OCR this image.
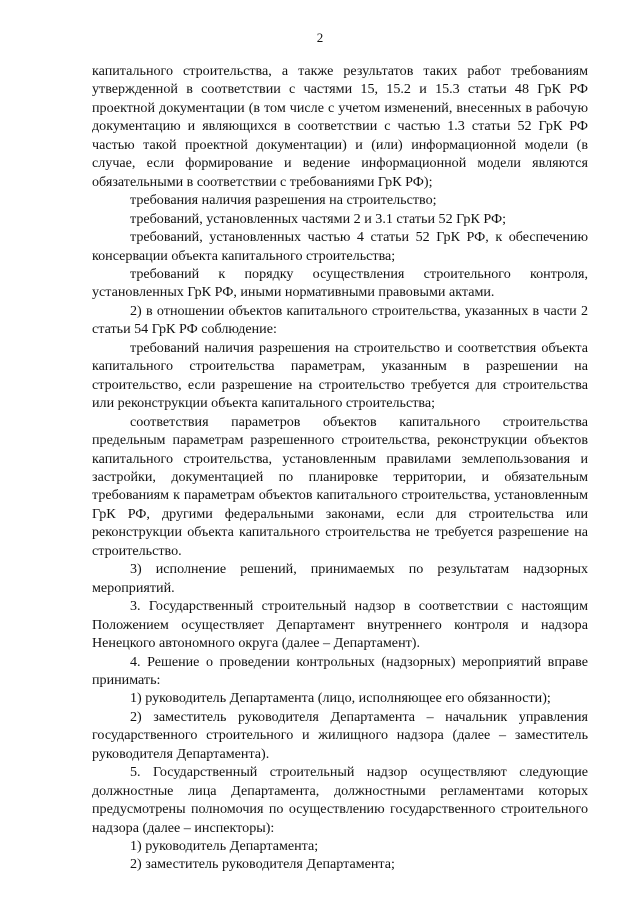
2

капитального строительства, а также результатов таких работ требованиям утвержденной в соответствии с частями 15, 15.2 и 15.3 статьи 48 ГрК РФ проектной документации (в том числе с учетом изменений, внесенных в рабочую документацию и являющихся в соответствии с частью 1.3 статьи 52 ГрК РФ частью такой проектной документации) и (или) информационной модели (в случае, если формирование и ведение информационной модели являются обязательными в соответствии с требованиями ГрК РФ);

требования наличия разрешения на строительство;

требований, установленных частями 2 и 3.1 статьи 52 ГрК РФ;

требований, установленных частью 4 статьи 52 ГрК РФ, к обеспечению консервации объекта капитального строительства;

требований к порядку осуществления строительного контроля, установленных ГрК РФ, иными нормативными правовыми актами.

2) в отношении объектов капитального строительства, указанных в части 2 статьи 54 ГрК РФ соблюдение:

требований наличия разрешения на строительство и соответствия объекта капитального строительства параметрам, указанным в разрешении на строительство, если разрешение на строительство требуется для строительства или реконструкции объекта капитального строительства;

соответствия параметров объектов капитального строительства предельным параметрам разрешенного строительства, реконструкции объектов капитального строительства, установленным правилами землепользования и застройки, документацией по планировке территории, и обязательным требованиям к параметрам объектов капитального строительства, установленным ГрК РФ, другими федеральными законами, если для строительства или реконструкции объекта капитального строительства не требуется разрешение на строительство.

3) исполнение решений, принимаемых по результатам надзорных мероприятий.

3. Государственный строительный надзор в соответствии с настоящим Положением осуществляет Департамент внутреннего контроля и надзора Ненецкого автономного округа (далее – Департамент).

4. Решение о проведении контрольных (надзорных) мероприятий вправе принимать:

1) руководитель Департамента (лицо, исполняющее его обязанности);

2) заместитель руководителя Департамента – начальник управления государственного строительного и жилищного надзора (далее – заместитель руководителя Департамента).

5. Государственный строительный надзор осуществляют следующие должностные лица Департамента, должностными регламентами которых предусмотрены полномочия по осуществлению государственного строительного надзора (далее – инспекторы):

1) руководитель Департамента;

2) заместитель руководителя Департамента;
